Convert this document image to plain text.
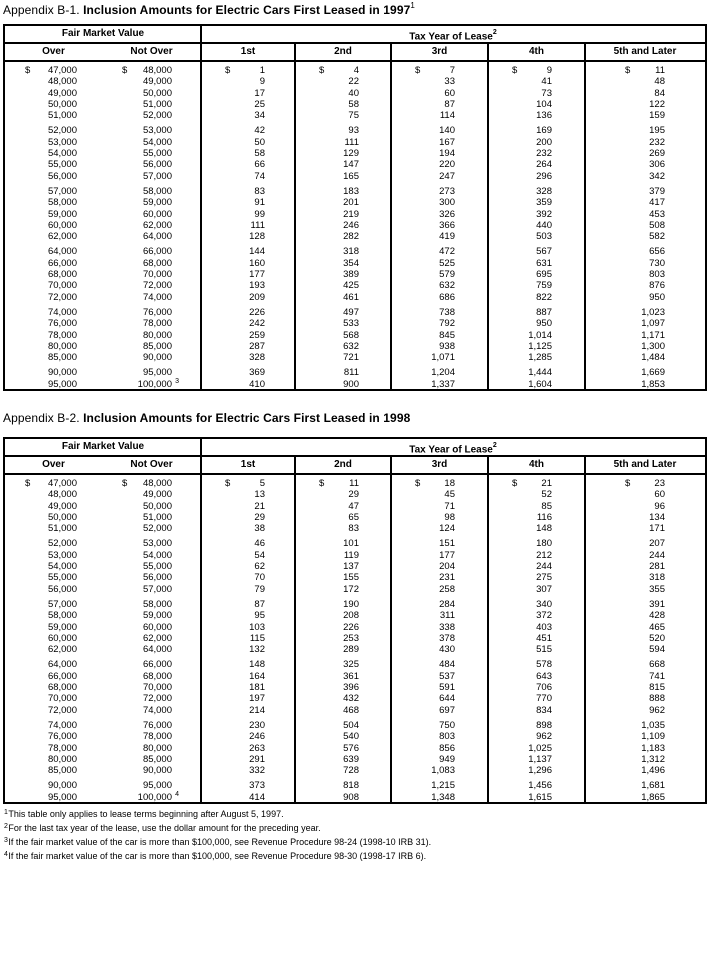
Appendix B-1. Inclusion Amounts for Electric Cars First Leased in 1997$^1$
Fair Market Value	Tax Year of Lease$^2$
Over	Not Over	1st	2nd	3rd	4th	5th and Later
$ 47,000	$ 48,000	$	1	$	4	$	7	$	9	$	11
48,000	49,000	9	22	33	41	48
49,000	50,000	17	40	60	73	84
50,000	51,000	25	58	87	104	122
51,000	52,000	34	75	114	136	159
52,000	53,000	42	93	140	169	195
53,000	54,000	50	111	167	200	232
54,000	55,000	58	129	194	232	269
55,000	56,000	66	147	220	264	306
56,000	57,000	74	165	247	296	342
57,000	58,000	83	183	273	328	379
58,000	59,000	91	201	300	359	417
59,000	60,000	99	219	326	392	453
60,000	62,000	111	246	366	440	508
62,000	64,000	128	282	419	503	582
64,000	66,000	144	318	472	567	656
66,000	68,000	160	354	525	631	730
68,000	70,000	177	389	579	695	803
70,000	72,000	193	425	632	759	876
72,000	74,000	209	461	686	822	950
74,000	76,000	226	497	738	887	1,023
76,000	78,000	242	533	792	950	1,097
78,000	80,000	259	568	845	1,014	1,171
80,000	85,000	287	632	938	1,125	1,300
85,000	90,000	328	721	1,071	1,285	1,484
90,000	95,000	369	811	1,204	1,444	1,669
95,000	100,000 3	410	900	1,337	1,604	1,853
Appendix B-2. Inclusion Amounts for Electric Cars First Leased in 1998
Fair Market Value	Tax Year of Lease$^2$
Over	Not Over	1st	2nd	3rd	4th	5th and Later
$ 47,000	$ 48,000	$	5	$	11	$	18	$	21	$	23
48,000	49,000	13	29	45	52	60
49,000	50,000	21	47	71	85	96
50,000	51,000	29	65	98	116	134
51,000	52,000	38	83	124	148	171
52,000	53,000	46	101	151	180	207
53,000	54,000	54	119	177	212	244
54,000	55,000	62	137	204	244	281
55,000	56,000	70	155	231	275	318
56,000	57,000	79	172	258	307	355
57,000	58,000	87	190	284	340	391
58,000	59,000	95	208	311	372	428
59,000	60,000	103	226	338	403	465
60,000	62,000	115	253	378	451	520
62,000	64,000	132	289	430	515	594
64,000	66,000	148	325	484	578	668
66,000	68,000	164	361	537	643	741
68,000	70,000	181	396	591	706	815
70,000	72,000	197	432	644	770	888
72,000	74,000	214	468	697	834	962
74,000	76,000	230	504	750	898	1,035
76,000	78,000	246	540	803	962	1,109
78,000	80,000	263	576	856	1,025	1,183
80,000	85,000	291	639	949	1,137	1,312
85,000	90,000	332	728	1,083	1,296	1,496
90,000	95,000	373	818	1,215	1,456	1,681
95,000	100,000 4	414	908	1,348	1,615	1,865
$^1$This table only applies to lease terms beginning after August 5, 1997.
$^2$For the last tax year of the lease, use the dollar amount for the preceding year.
$^3$If the fair market value of the car is more than $100,000, see Revenue Procedure 98-24 (1998-10 IRB 31).
$^4$If the fair market value of the car is more than $100,000, see Revenue Procedure 98-30 (1998-17 IRB 6).
